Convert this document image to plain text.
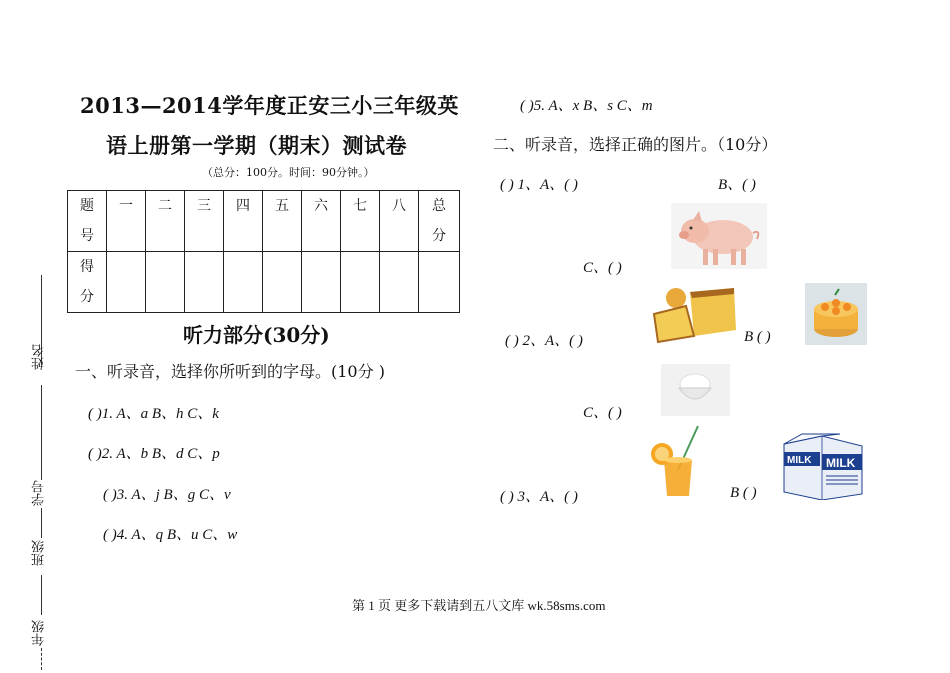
姓名
学号
班级
年级
2013—2014学年度正安三小三年级英
语上册第一学期（期末）测试卷
（总分：100分。时间：90分钟。）
题号	一	二	三	四	五	六	七	八	总分
得分									
听力部分(30分)
一、听录音，选择你所听到的字母。(10分 )
( )1. A、a B、h C、k
( )2. A、b B、d C、p
( )3. A、j B、g C、v
( )4. A、q B、u C、w
( )5. A、x B、s C、m
二、听录音，选择正确的图片。（10分）
( ) 1、A、( )	B、( )
C、( )
( ) 2、A、( )	B ( )
C、( )
( ) 3、A、( )	B ( )
MILK MILK
第 1 页 更多下载请到五八文库 wk.58sms.com
